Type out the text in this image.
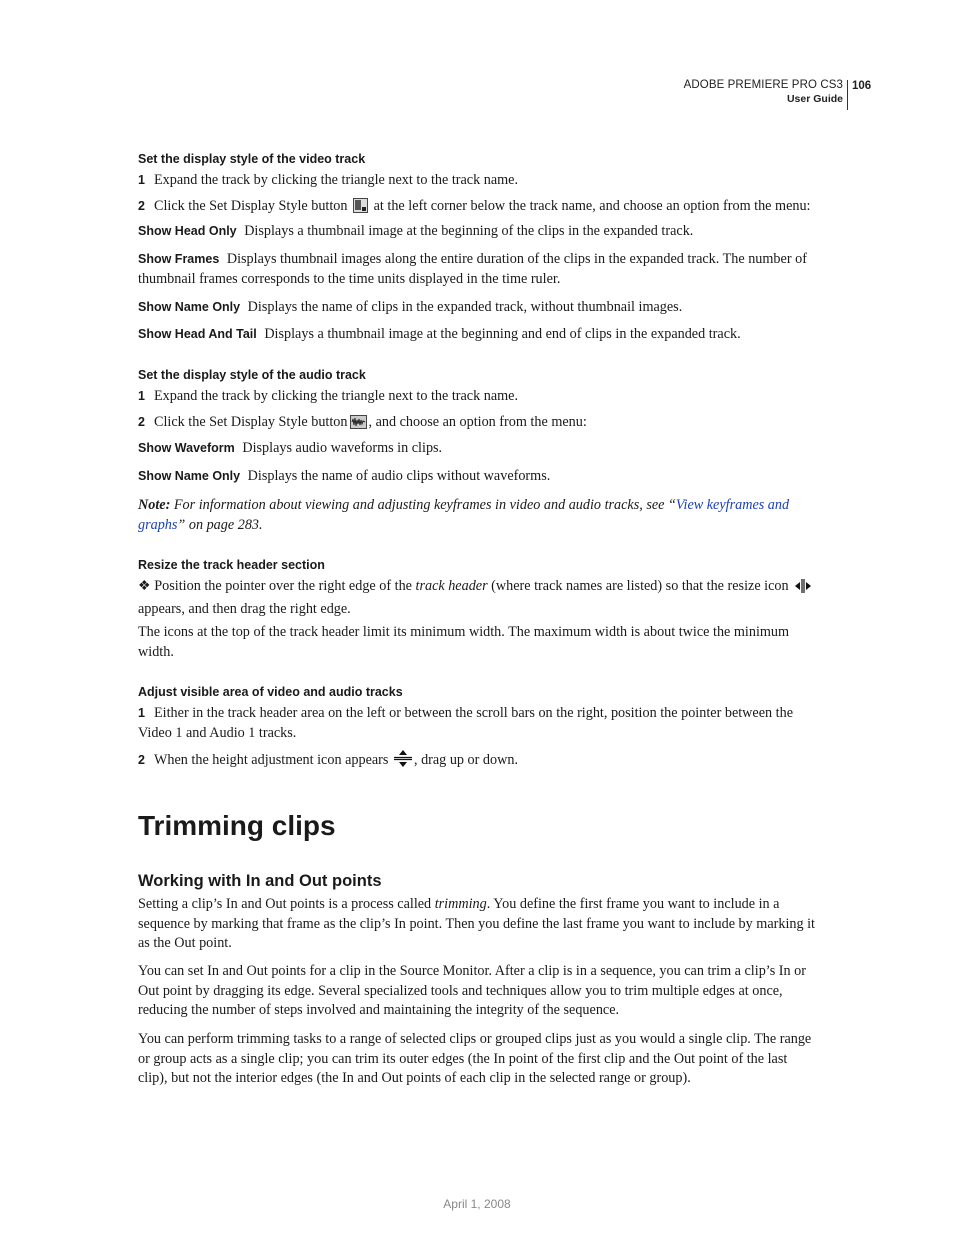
ADOBE PREMIERE PRO CS3
User Guide
106
Set the display style of the video track
1 Expand the track by clicking the triangle next to the track name.
2 Click the Set Display Style button at the left corner below the track name, and choose an option from the menu:
Show Head Only Displays a thumbnail image at the beginning of the clips in the expanded track.
Show Frames Displays thumbnail images along the entire duration of the clips in the expanded track. The number of thumbnail frames corresponds to the time units displayed in the time ruler.
Show Name Only Displays the name of clips in the expanded track, without thumbnail images.
Show Head And Tail Displays a thumbnail image at the beginning and end of clips in the expanded track.
Set the display style of the audio track
1 Expand the track by clicking the triangle next to the track name.
2 Click the Set Display Style button , and choose an option from the menu:
Show Waveform Displays audio waveforms in clips.
Show Name Only Displays the name of audio clips without waveforms.
Note: For information about viewing and adjusting keyframes in video and audio tracks, see “View keyframes and graphs” on page 283.
Resize the track header section
❖ Position the pointer over the right edge of the track header (where track names are listed) so that the resize icon  appears, and then drag the right edge.
The icons at the top of the track header limit its minimum width. The maximum width is about twice the minimum width.
Adjust visible area of video and audio tracks
1 Either in the track header area on the left or between the scroll bars on the right, position the pointer between the Video 1 and Audio 1 tracks.
2 When the height adjustment icon appears , drag up or down.
Trimming clips
Working with In and Out points
Setting a clip’s In and Out points is a process called trimming. You define the first frame you want to include in a sequence by marking that frame as the clip’s In point. Then you define the last frame you want to include by marking it as the Out point.
You can set In and Out points for a clip in the Source Monitor. After a clip is in a sequence, you can trim a clip’s In or Out point by dragging its edge. Several specialized tools and techniques allow you to trim multiple edges at once, reducing the number of steps involved and maintaining the integrity of the sequence.
You can perform trimming tasks to a range of selected clips or grouped clips just as you would a single clip. The range or group acts as a single clip; you can trim its outer edges (the In point of the first clip and the Out point of the last clip), but not the interior edges (the In and Out points of each clip in the selected range or group).
April 1, 2008
